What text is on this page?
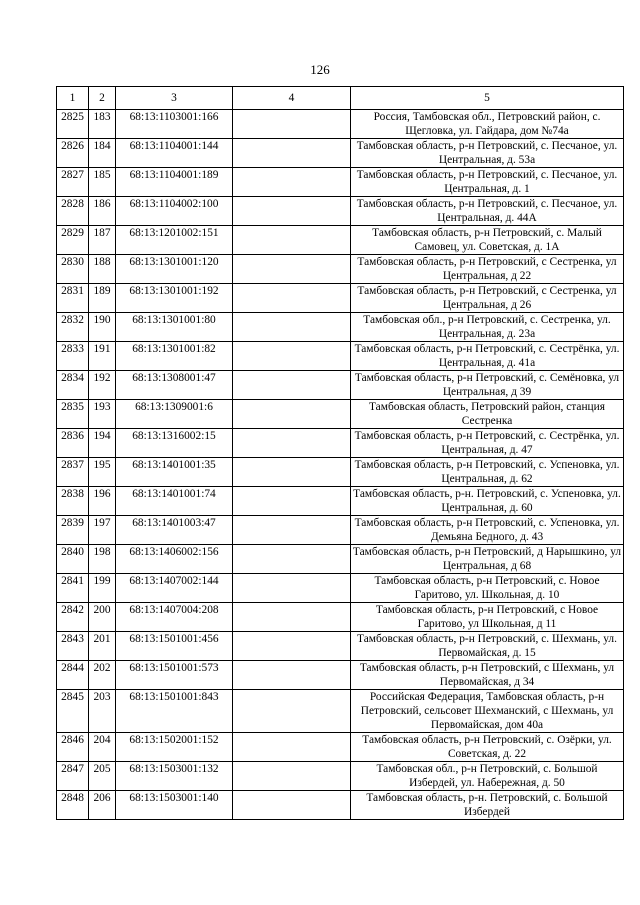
126
1	2	3	4	5
2825	183	68:13:1103001:166		Россия, Тамбовская обл., Петровский район, с. Щегловка, ул. Гайдара, дом №74а
2826	184	68:13:1104001:144		Тамбовская область, р-н Петровский, с. Песчаное, ул. Центральная, д. 53а
2827	185	68:13:1104001:189		Тамбовская область, р-н Петровский, с. Песчаное, ул. Центральная, д. 1
2828	186	68:13:1104002:100		Тамбовская область, р-н Петровский, с. Песчаное, ул. Центральная, д. 44А
2829	187	68:13:1201002:151		Тамбовская область, р-н Петровский, с. Малый Самовец, ул. Советская, д. 1А
2830	188	68:13:1301001:120		Тамбовская область, р-н Петровский, с Сестренка, ул Центральная, д 22
2831	189	68:13:1301001:192		Тамбовская область, р-н Петровский, с Сестренка, ул Центральная, д 26
2832	190	68:13:1301001:80		Тамбовская обл., р-н Петровский, с. Сестренка, ул. Центральная, д. 23а
2833	191	68:13:1301001:82		Тамбовская область, р-н Петровский, с. Сестрёнка, ул. Центральная, д. 41а
2834	192	68:13:1308001:47		Тамбовская область, р-н Петровский, с. Семёновка, ул Центральная, д 39
2835	193	68:13:1309001:6		Тамбовская область, Петровский район, станция Сестренка
2836	194	68:13:1316002:15		Тамбовская область, р-н Петровский, с. Сестрёнка, ул. Центральная, д. 47
2837	195	68:13:1401001:35		Тамбовская область, р-н Петровский, с. Успеновка, ул. Центральная, д. 62
2838	196	68:13:1401001:74		Тамбовская область, р-н. Петровский, с. Успеновка, ул. Центральная, д. 60
2839	197	68:13:1401003:47		Тамбовская область, р-н Петровский, с. Успеновка, ул. Демьяна Бедного, д. 43
2840	198	68:13:1406002:156		Тамбовская область, р-н Петровский, д Нарышкино, ул Центральная, д 68
2841	199	68:13:1407002:144		Тамбовская область, р-н Петровский, с. Новое Гаритово, ул. Школьная, д. 10
2842	200	68:13:1407004:208		Тамбовская область, р-н Петровский, с Новое Гаритово, ул Школьная, д 11
2843	201	68:13:1501001:456		Тамбовская область, р-н Петровский, с. Шехмань, ул. Первомайская, д. 15
2844	202	68:13:1501001:573		Тамбовская область, р-н Петровский, с Шехмань, ул Первомайская, д 34
2845	203	68:13:1501001:843		Российская Федерация, Тамбовская область, р-н Петровский, сельсовет Шехманский, с Шехмань, ул Первомайская, дом 40а
2846	204	68:13:1502001:152		Тамбовская область, р-н Петровский, с. Озёрки, ул. Советская, д. 22
2847	205	68:13:1503001:132		Тамбовская обл., р-н Петровский, с. Большой Избердей, ул. Набережная, д. 50
2848	206	68:13:1503001:140		Тамбовская область, р-н. Петровский, с. Большой Избердей
